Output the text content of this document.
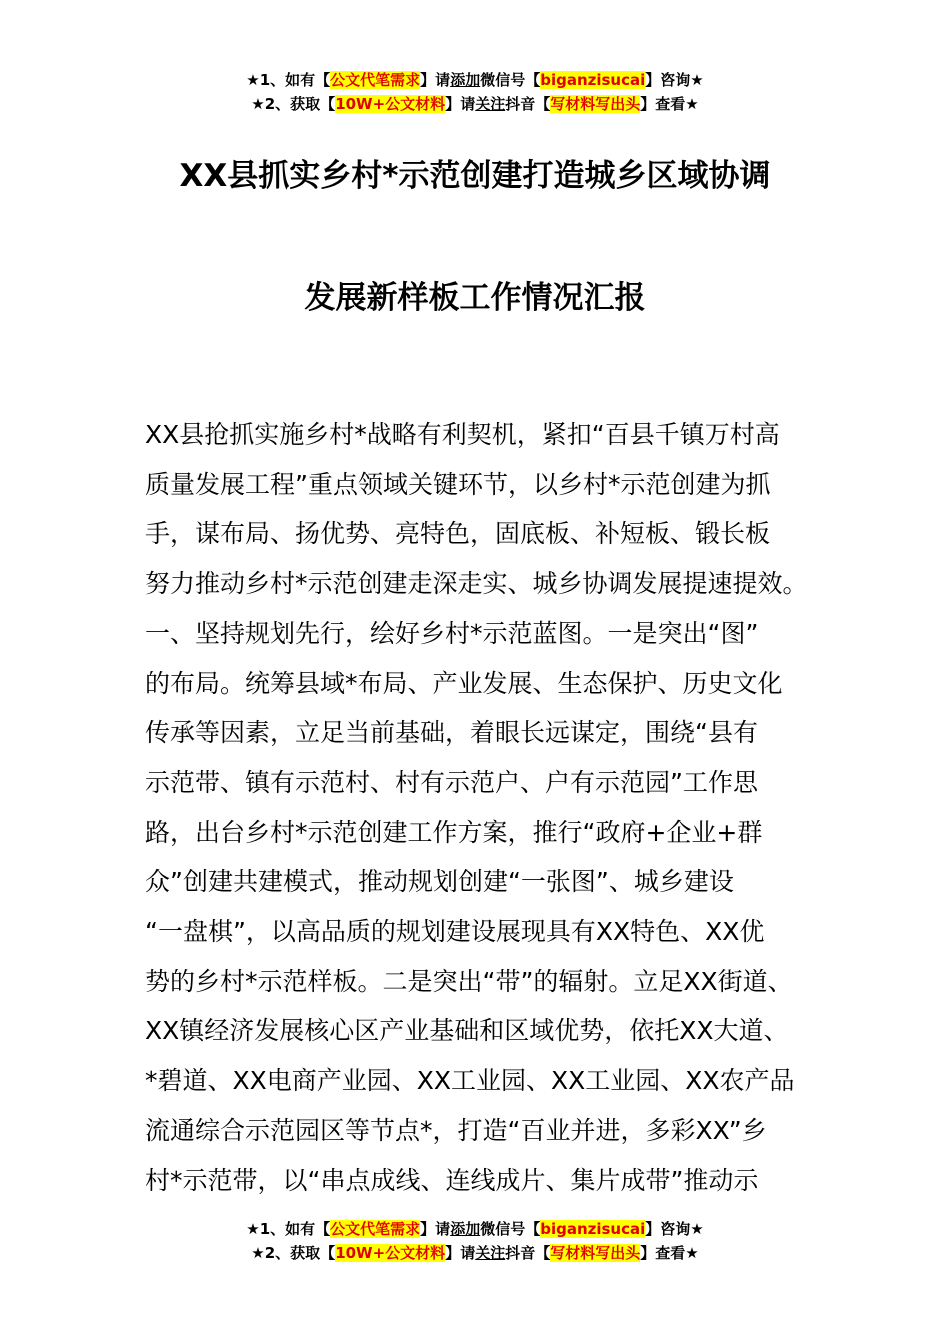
★1、如有【公文代笔需求】请添加微信号【biganzisucai】咨询★
★2、获取【10W+公文材料】请关注抖音【写材料写出头】查看★
XX县抓实乡村*示范创建打造城乡区域协调
发展新样板工作情况汇报
XX县抢抓实施乡村*战略有利契机，紧扣“百县千镇万村高
质量发展工程”重点领域关键环节，以乡村*示范创建为抓
手，谋布局、扬优势、亮特色，固底板、补短板、锻长板
努力推动乡村*示范创建走深走实、城乡协调发展提速提效。
一、坚持规划先行，绘好乡村*示范蓝图。一是突出“图”
的布局。统筹县域*布局、产业发展、生态保护、历史文化
传承等因素，立足当前基础，着眼长远谋定，围绕“县有
示范带、镇有示范村、村有示范户、户有示范园”工作思
路，出台乡村*示范创建工作方案，推行“政府+企业+群
众”创建共建模式，推动规划创建“一张图”、城乡建设
“一盘棋”，以高品质的规划建设展现具有XX特色、XX优
势的乡村*示范样板。二是突出“带”的辐射。立足XX街道、
XX镇经济发展核心区产业基础和区域优势，依托XX大道、
*碧道、XX电商产业园、XX工业园、XX工业园、XX农产品
流通综合示范园区等节点*，打造“百业并进，多彩XX”乡
村*示范带，以“串点成线、连线成片、集片成带”推动示
★1、如有【公文代笔需求】请添加微信号【biganzisucai】咨询★
★2、获取【10W+公文材料】请关注抖音【写材料写出头】查看★
